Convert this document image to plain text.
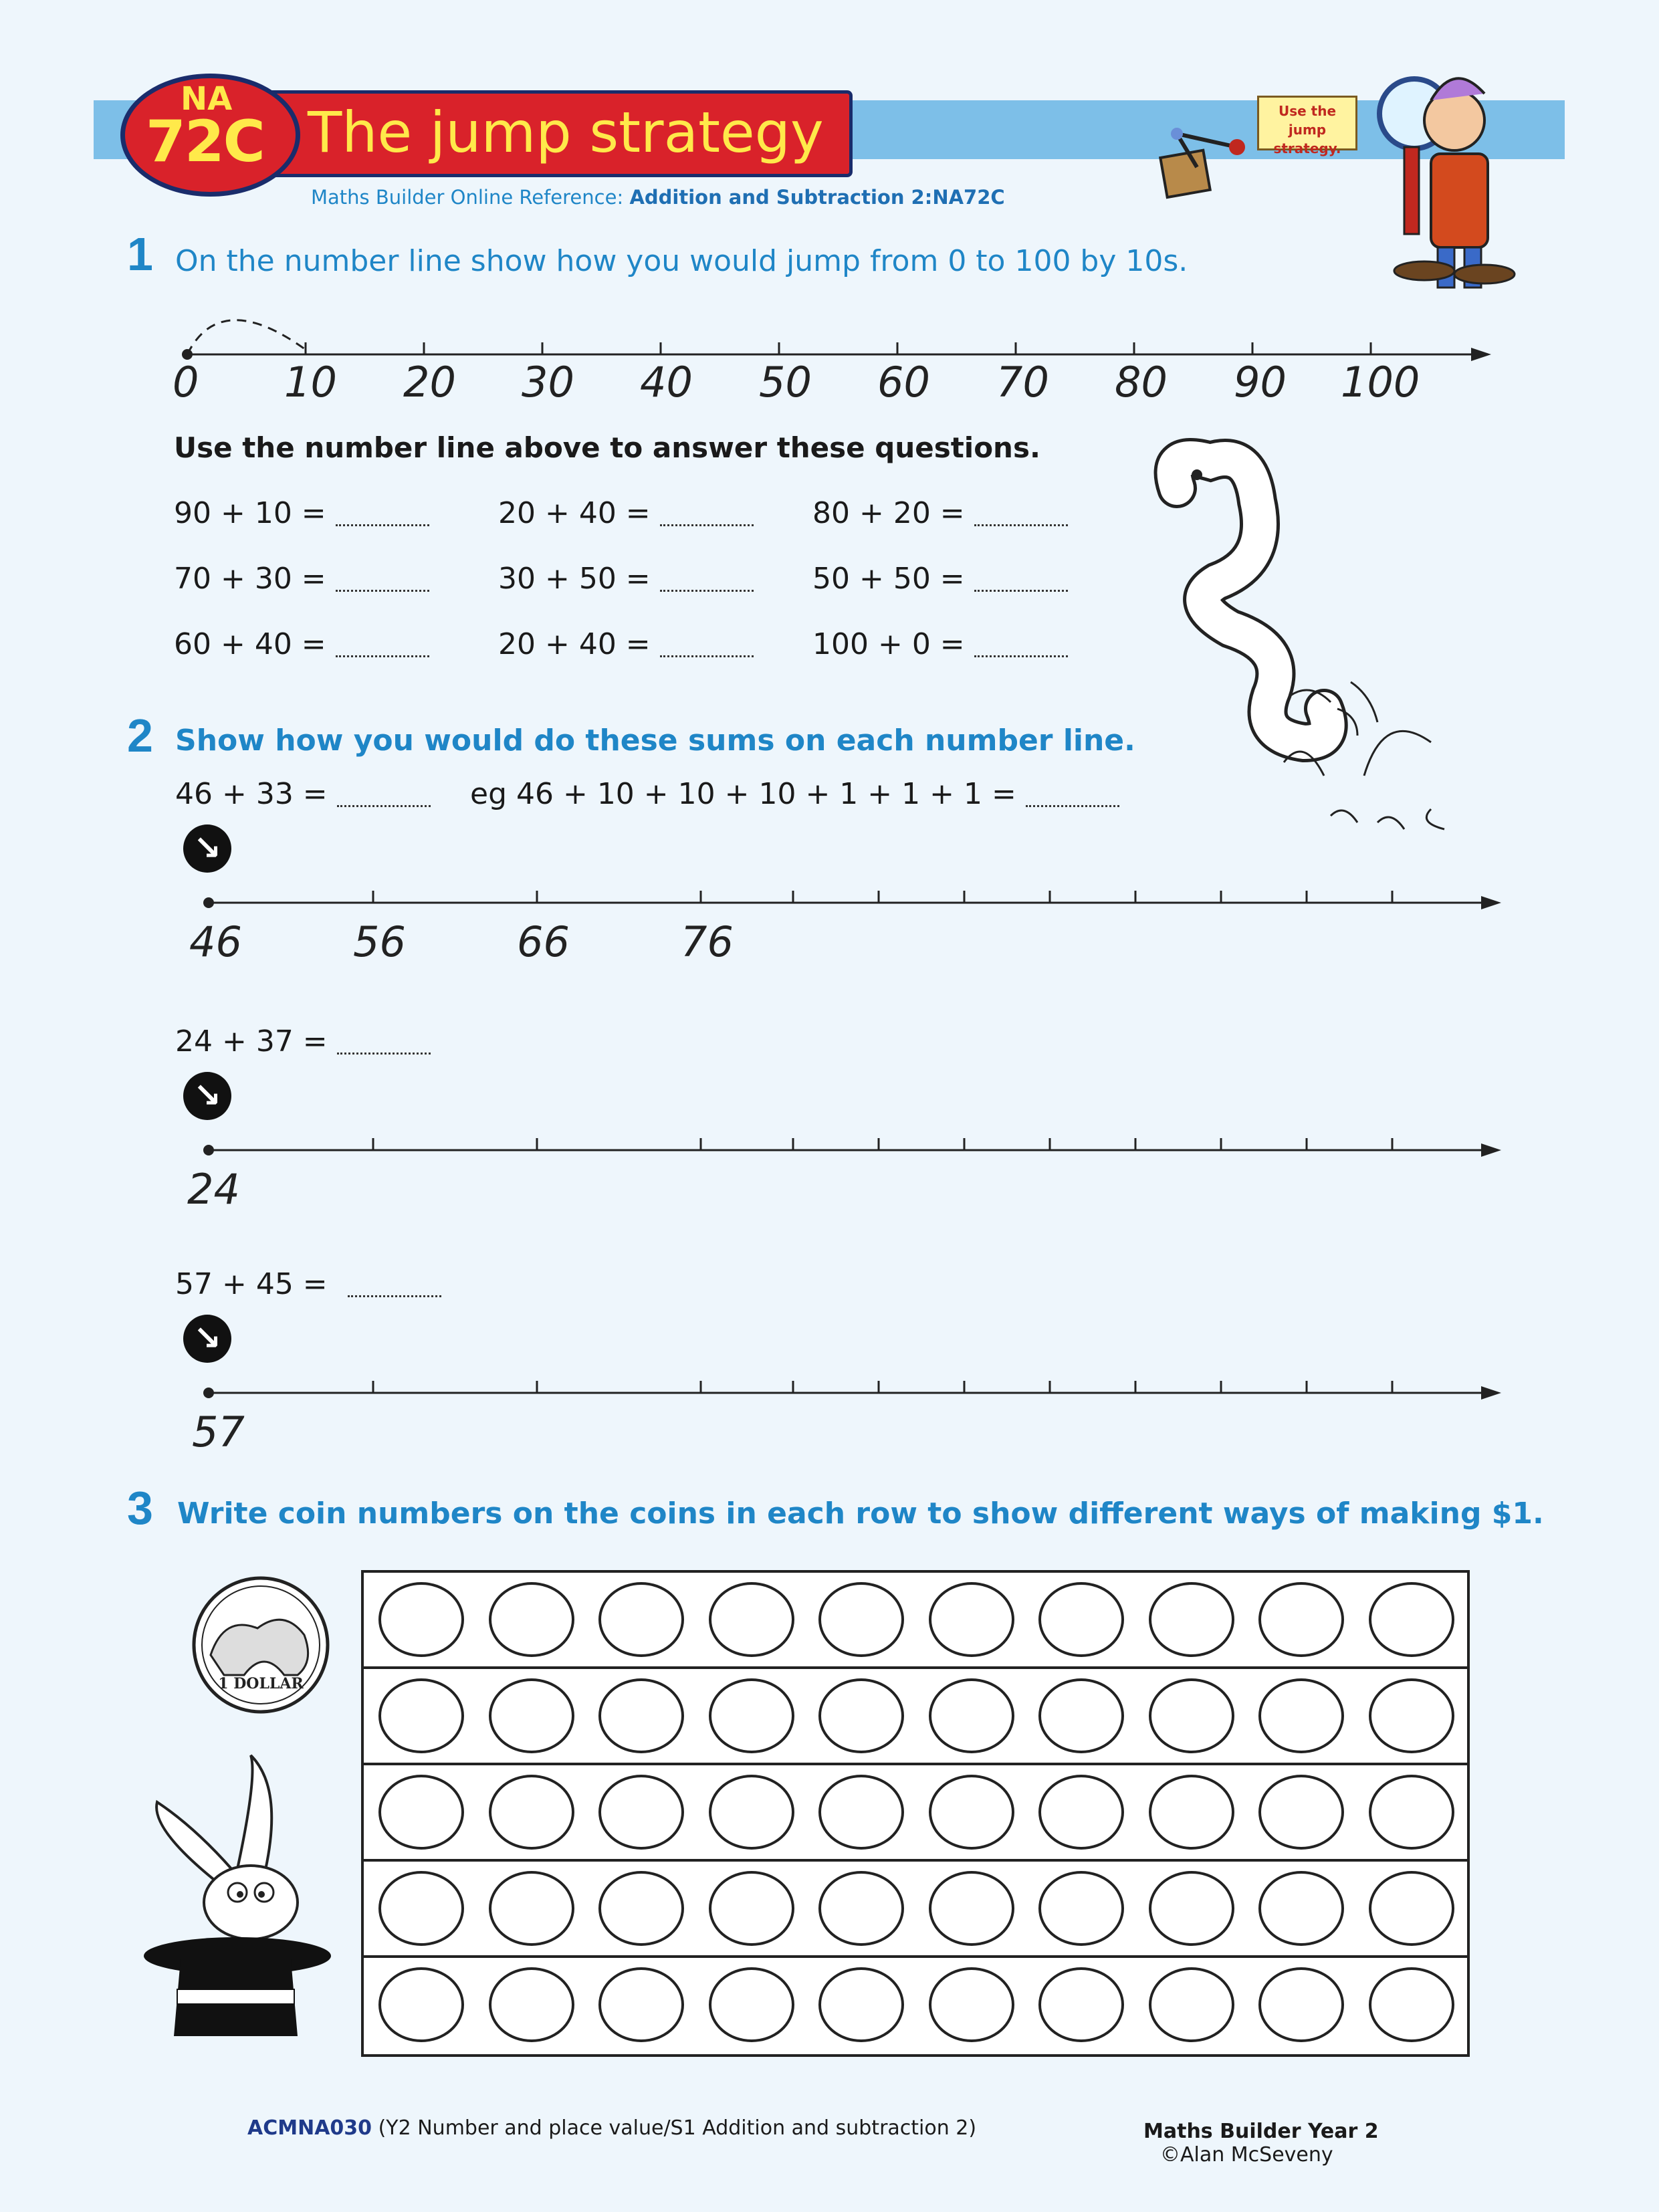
The jump strategy
NA
72C
Maths Builder Online Reference: Addition and Subtraction 2:NA72C
Use the jump strategy.
1 On the number line show how you would jump from 0 to 100 by 10s.
0 10 20 30 40 50 60 70 80 90 100
Use the number line above to answer these questions.
90 + 10 =	20 + 40 =	80 + 20 =
70 + 30 =	30 + 50 =	50 + 50 =
60 + 40 =	20 + 40 =	100 + 0 =
2 Show how you would do these sums on each number line.
46 + 33 =	eg 46 + 10 + 10 + 10 + 1 + 1 + 1 =
↘
46	56	66	76
24 + 37 =
↘
24
57 + 45 =
↘
57
3 Write coin numbers on the coins in each row to show different ways of making $1.
1 DOLLAR
ACMNA030 (Y2 Number and place value/S1 Addition and subtraction 2)	Maths Builder Year 2
©Alan McSeveny
